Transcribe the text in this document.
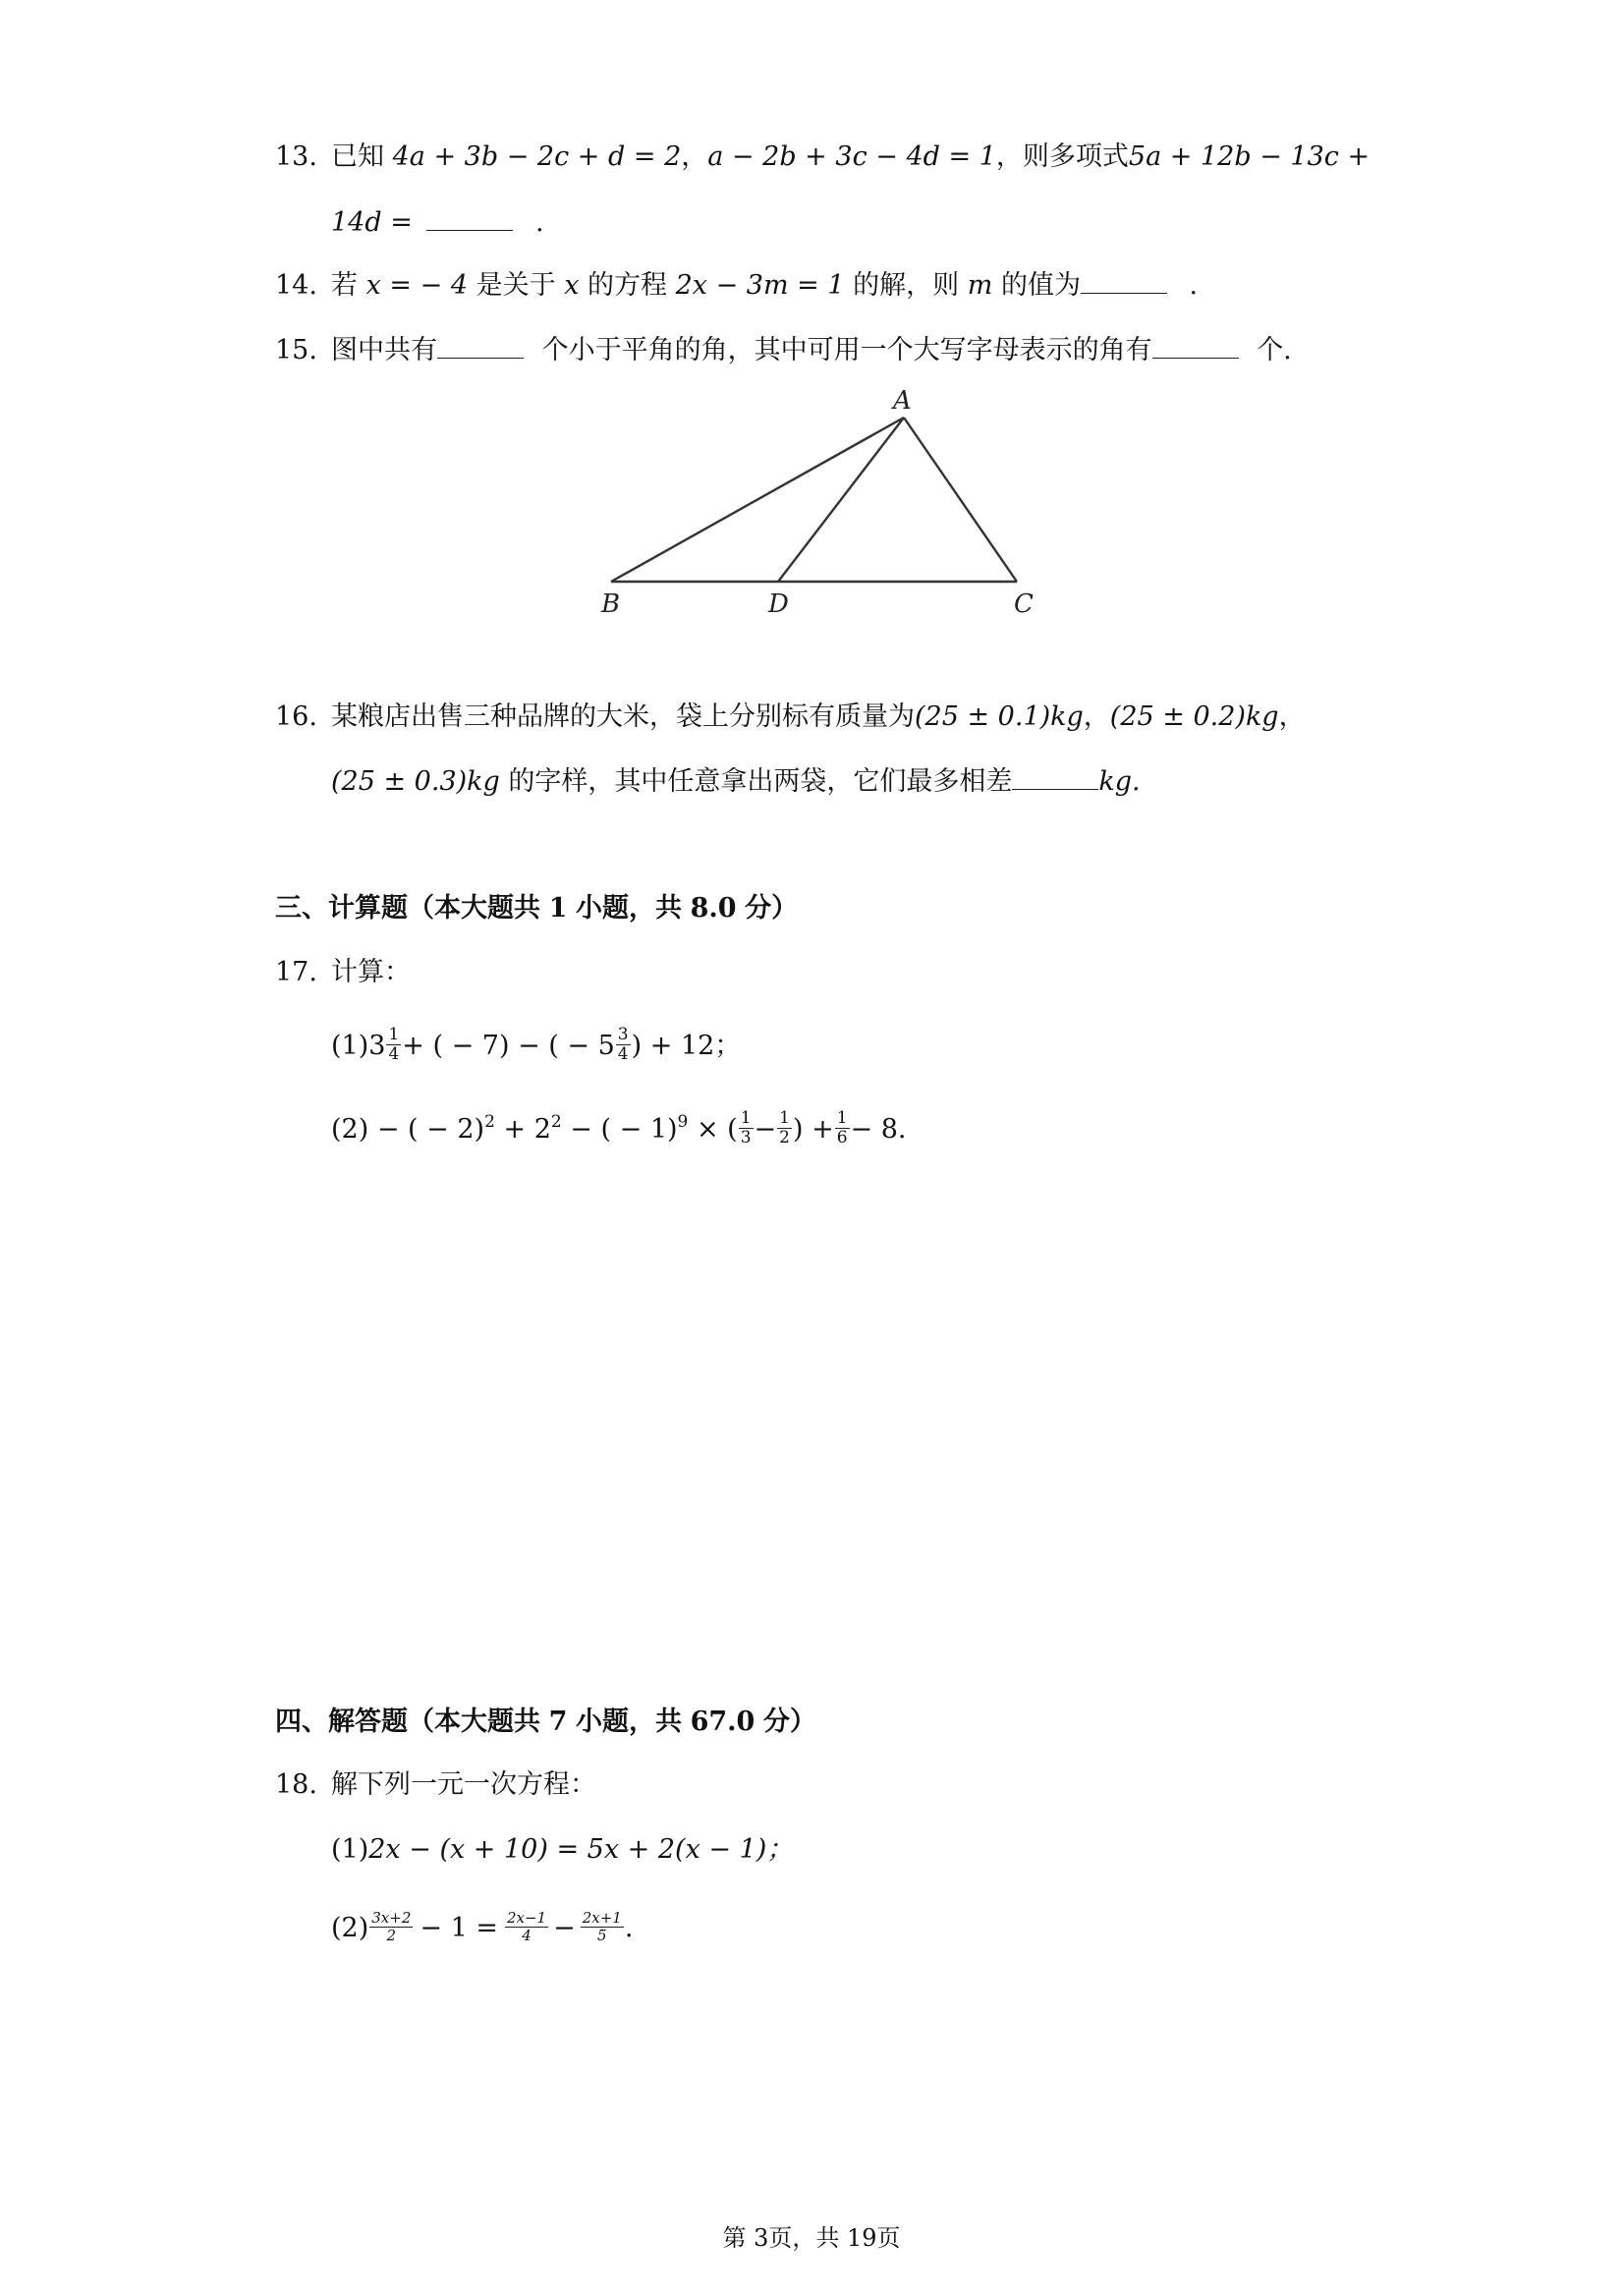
13. 已知 4a + 3b − 2c + d = 2，a − 2b + 3c − 4d = 1，则多项式5a + 12b − 13c +
14d =	.
14. 若 x = − 4 是关于 x 的方程 2x − 3m = 1 的解，则 m 的值为	.
15. 图中共有	个小于平角的角，其中可用一个大写字母表示的角有	个.
A
B	D	C
16. 某粮店出售三种品牌的大米，袋上分别标有质量为(25 ± 0.1)kg，(25 ± 0.2)kg，
(25 ± 0.3)kg 的字样，其中任意拿出两袋，它们最多相差	kg.
三、计算题（本大题共 1 小题，共 8.0 分）
17. 计算：
$(1)3 \frac{1}{4}$ + ( − 7) − ( − $5 \frac{3}{4}$ ) + 12；
(2) − ( − $2)^2 + 2^2$ − ( − 1)$^9$ × ( $\frac{1}{3} - \frac{1}{2}$ ) + $\frac{1}{6} - 8$.
四、解答题（本大题共 7 小题，共 67.0 分）
18. 解下列一元一次方程：
(1)2x − (x + 10) = 5x + 2(x − 1)；
$(2) \frac{3x+2}{2} - 1 = \frac{2x-1}{4} - \frac{2x+1}{5}$ .
第 3页，共 19页
